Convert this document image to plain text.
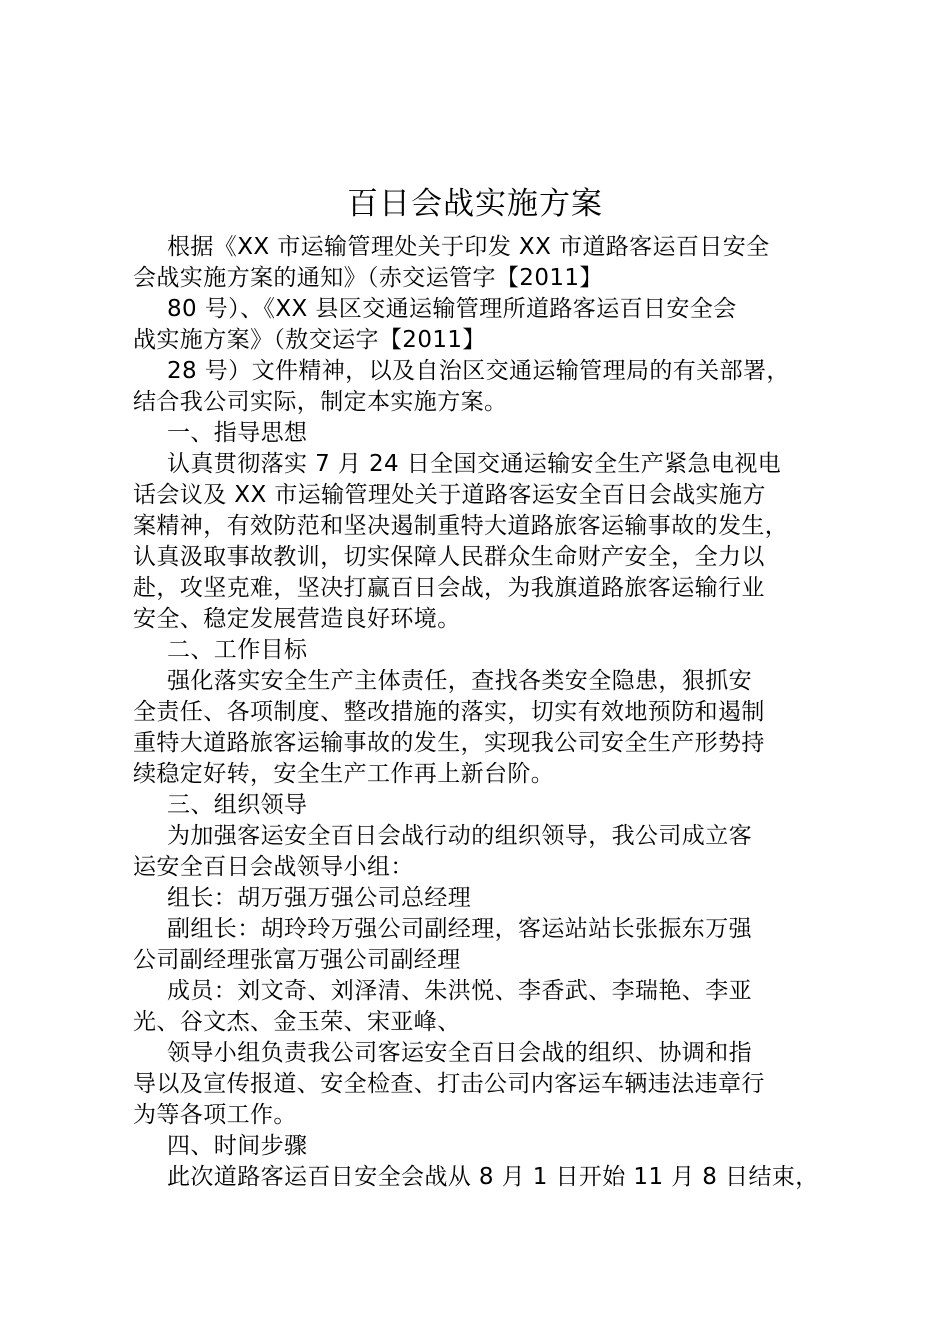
百日会战实施方案

根据《XX 市运输管理处关于印发 XX 市道路客运百日安全

会战实施方案的通知》（赤交运管字【2011】

80 号）、《XX 县区交通运输管理所道路客运百日安全会

战实施方案》（敖交运字【2011】

28 号）文件精神，以及自治区交通运输管理局的有关部署，

结合我公司实际，制定本实施方案。

一、指导思想

认真贯彻落实 7 月 24 日全国交通运输安全生产紧急电视电

话会议及 XX 市运输管理处关于道路客运安全百日会战实施方

案精神，有效防范和坚决遏制重特大道路旅客运输事故的发生，

认真汲取事故教训，切实保障人民群众生命财产安全，全力以

赴，攻坚克难，坚决打赢百日会战，为我旗道路旅客运输行业

安全、稳定发展营造良好环境。

二、工作目标

强化落实安全生产主体责任，查找各类安全隐患，狠抓安

全责任、各项制度、整改措施的落实，切实有效地预防和遏制

重特大道路旅客运输事故的发生，实现我公司安全生产形势持

续稳定好转，安全生产工作再上新台阶。

三、组织领导

为加强客运安全百日会战行动的组织领导，我公司成立客

运安全百日会战领导小组：

组长：胡万强万强公司总经理

副组长：胡玲玲万强公司副经理，客运站站长张振东万强

公司副经理张富万强公司副经理

成员：刘文奇、刘泽清、朱洪悦、李香武、李瑞艳、李亚

光、谷文杰、金玉荣、宋亚峰、

领导小组负责我公司客运安全百日会战的组织、协调和指

导以及宣传报道、安全检查、打击公司内客运车辆违法违章行

为等各项工作。

四、时间步骤

此次道路客运百日安全会战从 8 月 1 日开始 11 月 8 日结束，
